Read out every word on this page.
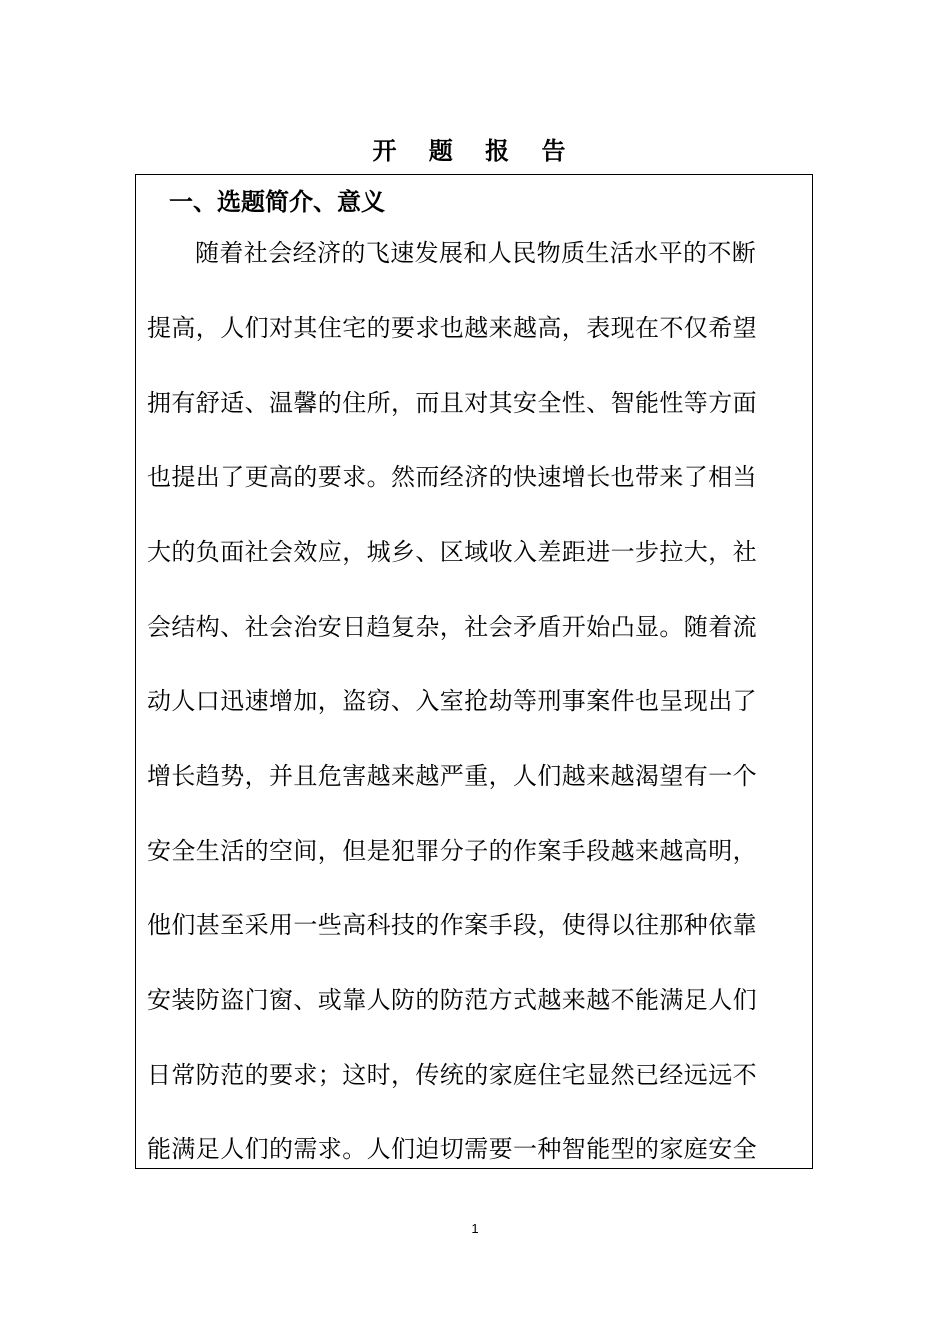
开 题 报 告
一、选题简介、意义
随着社会经济的飞速发展和人民物质生活水平的不断
提高，人们对其住宅的要求也越来越高，表现在不仅希望
拥有舒适、温馨的住所，而且对其安全性、智能性等方面
也提出了更高的要求。然而经济的快速增长也带来了相当
大的负面社会效应，城乡、区域收入差距进一步拉大，社
会结构、社会治安日趋复杂，社会矛盾开始凸显。随着流
动人口迅速增加，盗窃、入室抢劫等刑事案件也呈现出了
增长趋势，并且危害越来越严重，人们越来越渴望有一个
安全生活的空间，但是犯罪分子的作案手段越来越高明，
他们甚至采用一些高科技的作案手段，使得以往那种依靠
安装防盗门窗、或靠人防的防范方式越来越不能满足人们
日常防范的要求；这时，传统的家庭住宅显然已经远远不
能满足人们的需求。人们迫切需要一种智能型的家庭安全
1
